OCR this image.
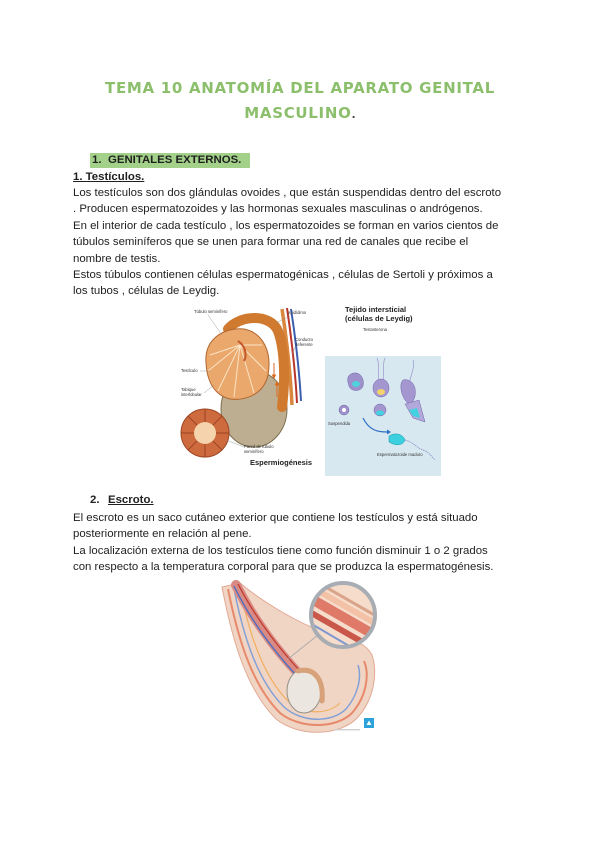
TEMA 10 ANATOMÍA DEL APARATO GENITAL
MASCULINO.
1. GENITALES EXTERNOS.
1. Testículos.
Los testículos son dos glándulas ovoides , que están suspendidas dentro del escroto
. Producen espermatozoides y las hormonas sexuales masculinas o andrógenos.
En el interior de cada testículo , los espermatozoides se forman en varios cientos de
túbulos seminíferos que se unen para formar una red de canales que recibe el
nombre de testis.
Estos túbulos contienen células espermatogénicas , células de Sertoli y próximos a
los tubos , células de Leydig.
Túbulo seminífero	epidídimo
Conducto
deferente
Testículo
Tabique
interlobular
Pared de túbulo
seminífero
Espermiogénesis
Tejido intersticial
(células de Leydig)
Testosterona
Suspendida
Espermatozoide maduro
2. Escroto.
El escroto es un saco cutáneo exterior que contiene los testículos y está situado
posteriormente en relación al pene.
La localización externa de los testículos tiene como función disminuir 1 o 2 grados
con respecto a la temperatura corporal para que se produzca la espermatogénesis.
